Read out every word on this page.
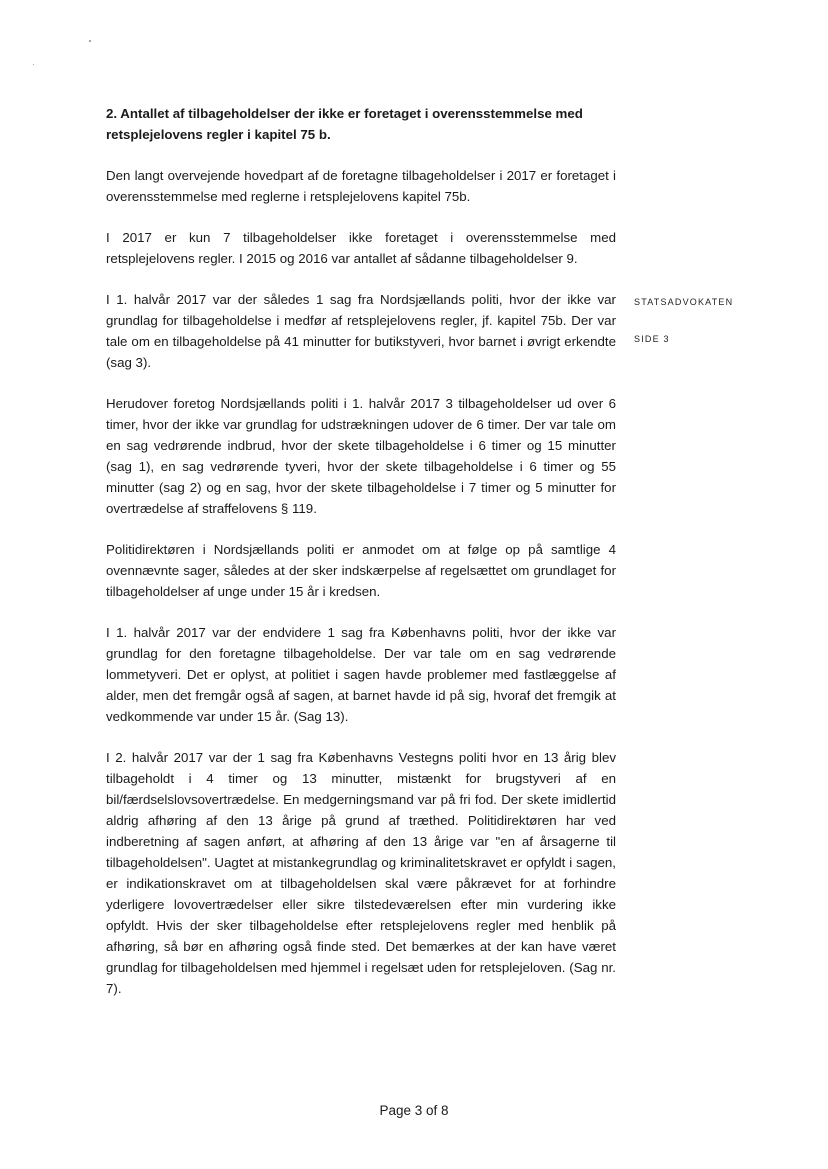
2. Antallet af tilbageholdelser der ikke er foretaget i overensstemmelse med retsplejelovens regler i kapitel 75 b.

Den langt overvejende hovedpart af de foretagne tilbageholdelser i 2017 er foretaget i overensstemmelse med reglerne i retsplejelovens kapitel 75b.

I 2017 er kun 7 tilbageholdelser ikke foretaget i overensstemmelse med retsplejelovens regler. I 2015 og 2016 var antallet af sådanne tilbageholdelser 9.

I 1. halvår 2017 var der således 1 sag fra Nordsjællands politi, hvor der ikke var grundlag for tilbageholdelse i medfør af retsplejelovens regler, jf. kapitel 75b. Der var tale om en tilbageholdelse på 41 minutter for butikstyveri, hvor barnet i øvrigt erkendte (sag 3).

Herudover foretog Nordsjællands politi i 1. halvår 2017 3 tilbageholdelser ud over 6 timer, hvor der ikke var grundlag for udstrækningen udover de 6 timer. Der var tale om en sag vedrørende indbrud, hvor der skete tilbageholdelse i 6 timer og 15 minutter (sag 1), en sag vedrørende tyveri, hvor der skete tilbageholdelse i 6 timer og 55 minutter (sag 2) og en sag, hvor der skete tilbageholdelse i 7 timer og 5 minutter for overtrædelse af straffelovens § 119.

Politidirektøren i Nordsjællands politi er anmodet om at følge op på samtlige 4 ovennævnte sager, således at der sker indskærpelse af regelsættet om grundlaget for tilbageholdelser af unge under 15 år i kredsen.

I 1. halvår 2017 var der endvidere 1 sag fra Københavns politi, hvor der ikke var grundlag for den foretagne tilbageholdelse. Der var tale om en sag vedrørende lommetyveri. Det er oplyst, at politiet i sagen havde problemer med fastlæggelse af alder, men det fremgår også af sagen, at barnet havde id på sig, hvoraf det fremgik at vedkommende var under 15 år. (Sag 13).

I 2. halvår 2017 var der 1 sag fra Københavns Vestegns politi hvor en 13 årig blev tilbageholdt i 4 timer og 13 minutter, mistænkt for brugstyveri af en bil/færdselslovsovertrædelse. En medgerningsmand var på fri fod. Der skete imidlertid aldrig afhøring af den 13 årige på grund af træthed. Politidirektøren har ved indberetning af sagen anført, at afhøring af den 13 årige var "en af årsagerne til tilbageholdelsen". Uagtet at mistankegrundlag og kriminalitetskravet er opfyldt i sagen, er indikationskravet om at tilbageholdelsen skal være påkrævet for at forhindre yderligere lovovertrædelser eller sikre tilstedeværelsen efter min vurdering ikke opfyldt. Hvis der sker tilbageholdelse efter retsplejelovens regler med henblik på afhøring, så bør en afhøring også finde sted. Det bemærkes at der kan have været grundlag for tilbageholdelsen med hjemmel i regelsæt uden for retsplejeloven. (Sag nr. 7).

STATSADVOKATEN
SIDE 3
Page 3 of 8
